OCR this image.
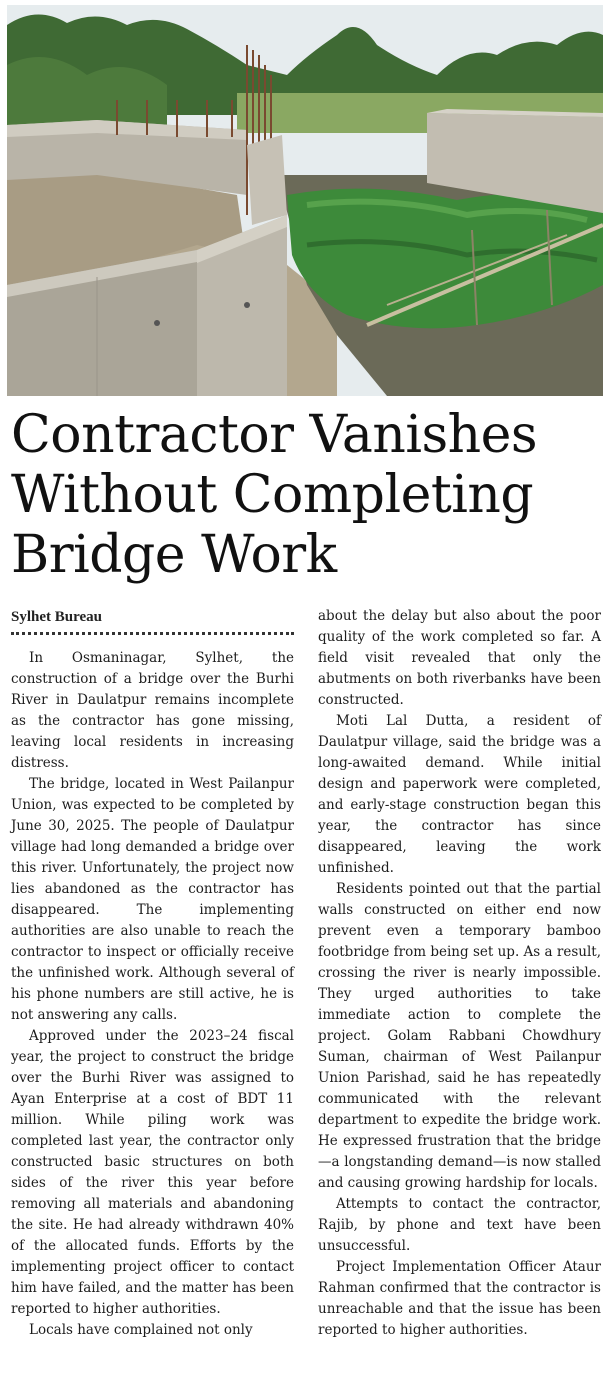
Contractor Vanishes
Without Completing
Bridge Work
Sylhet Bureau

In Osmaninagar, Sylhet, the construction of a bridge over the Burhi River in Daulatpur remains incomplete as the contractor has gone missing, leaving local residents in increasing distress.

The bridge, located in West Pailanpur Union, was expected to be completed by June 30, 2025. The people of Daulatpur village had long demanded a bridge over this river. Unfortunately, the project now lies abandoned as the contractor has disappeared. The implementing authorities are also unable to reach the contractor to inspect or officially receive the unfinished work. Although several of his phone numbers are still active, he is not answering any calls.

Approved under the 2023–24 fiscal year, the project to construct the bridge over the Burhi River was assigned to Ayan Enterprise at a cost of BDT 11 million. While piling work was completed last year, the contractor only constructed basic structures on both sides of the river this year before removing all materials and abandoning the site. He had already withdrawn 40% of the allocated funds. Efforts by the implementing project officer to contact him have failed, and the matter has been reported to higher authorities.

Locals have complained not only

about the delay but also about the poor quality of the work completed so far. A field visit revealed that only the abutments on both riverbanks have been constructed.

Moti Lal Dutta, a resident of Daulatpur village, said the bridge was a long-awaited demand. While initial design and paperwork were completed, and early-stage construction began this year, the contractor has since disappeared, leaving the work unfinished.

Residents pointed out that the partial walls constructed on either end now prevent even a temporary bamboo footbridge from being set up. As a result, crossing the river is nearly impossible. They urged authorities to take immediate action to complete the project. Golam Rabbani Chowdhury Suman, chairman of West Pailanpur Union Parishad, said he has repeatedly communicated with the relevant department to expedite the bridge work. He expressed frustration that the bridge—a longstanding demand—is now stalled and causing growing hardship for locals.

Attempts to contact the contractor, Rajib, by phone and text have been unsuccessful.

Project Implementation Officer Ataur Rahman confirmed that the contractor is unreachable and that the issue has been reported to higher authorities.
